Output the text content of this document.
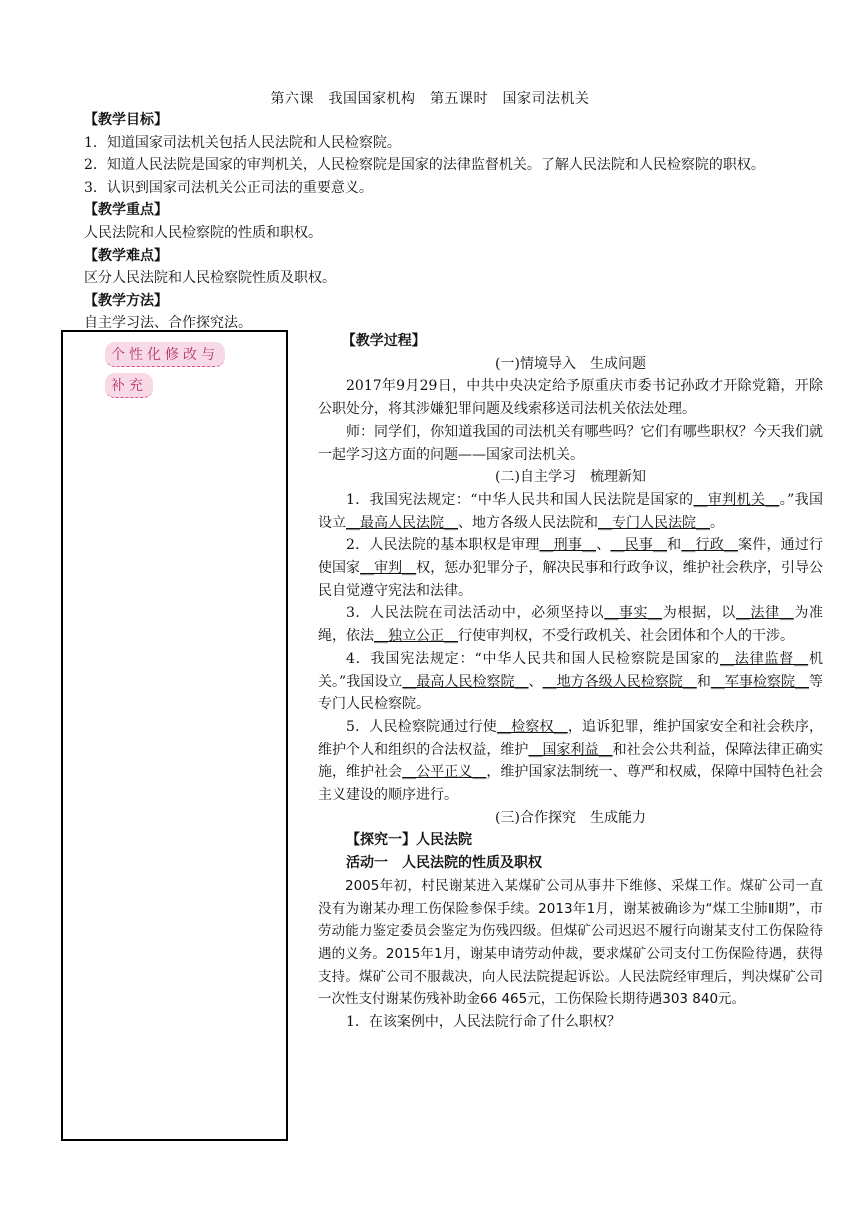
第六课　我国国家机构　第五课时　国家司法机关
【教学目标】
1．知道国家司法机关包括人民法院和人民检察院。
2．知道人民法院是国家的审判机关，人民检察院是国家的法律监督机关。了解人民法院和人民检察院的职权。
3．认识到国家司法机关公正司法的重要意义。
【教学重点】
人民法院和人民检察院的性质和职权。
【教学难点】
区分人民法院和人民检察院性质及职权。
【教学方法】
自主学习法、合作探究法。
个性化修改与
补充

【教学过程】

(一)情境导入　生成问题

2017年9月29日，中共中央决定给予原重庆市委书记孙政才开除党籍，开除公职处分，将其涉嫌犯罪问题及线索移送司法机关依法处理。

师：同学们，你知道我国的司法机关有哪些吗？它们有哪些职权？今天我们就一起学习这方面的问题——国家司法机关。

(二)自主学习　梳理新知

1．我国宪法规定：“中华人民共和国人民法院是国家的__审判机关__。”我国设立__最高人民法院__、地方各级人民法院和__专门人民法院__。

2．人民法院的基本职权是审理__刑事__、__民事__和__行政__案件，通过行使国家__审判__权，惩办犯罪分子，解决民事和行政争议，维护社会秩序，引导公民自觉遵守宪法和法律。

3．人民法院在司法活动中，必须坚持以__事实__为根据，以__法律__为准绳，依法__独立公正__行使审判权，不受行政机关、社会团体和个人的干涉。

4．我国宪法规定：“中华人民共和国人民检察院是国家的__法律监督__机关。”我国设立__最高人民检察院__、__地方各级人民检察院__和__军事检察院__等专门人民检察院。

5．人民检察院通过行使__检察权__，追诉犯罪，维护国家安全和社会秩序，维护个人和组织的合法权益，维护__国家利益__和社会公共利益，保障法律正确实施，维护社会__公平正义__，维护国家法制统一、尊严和权威，保障中国特色社会主义建设的顺序进行。

(三)合作探究　生成能力

【探究一】人民法院

活动一　人民法院的性质及职权

2005年初，村民谢某进入某煤矿公司从事井下维修、采煤工作。煤矿公司一直没有为谢某办理工伤保险参保手续。2013年1月，谢某被确诊为“煤工尘肺Ⅱ期”，市劳动能力鉴定委员会鉴定为伤残四级。但煤矿公司迟迟不履行向谢某支付工伤保险待遇的义务。2015年1月，谢某申请劳动仲裁，要求煤矿公司支付工伤保险待遇，获得支持。煤矿公司不服裁决，向人民法院提起诉讼。人民法院经审理后，判决煤矿公司一次性支付谢某伤残补助金66 465元，工伤保险长期待遇303 840元。

1．在该案例中，人民法院行命了什么职权？
